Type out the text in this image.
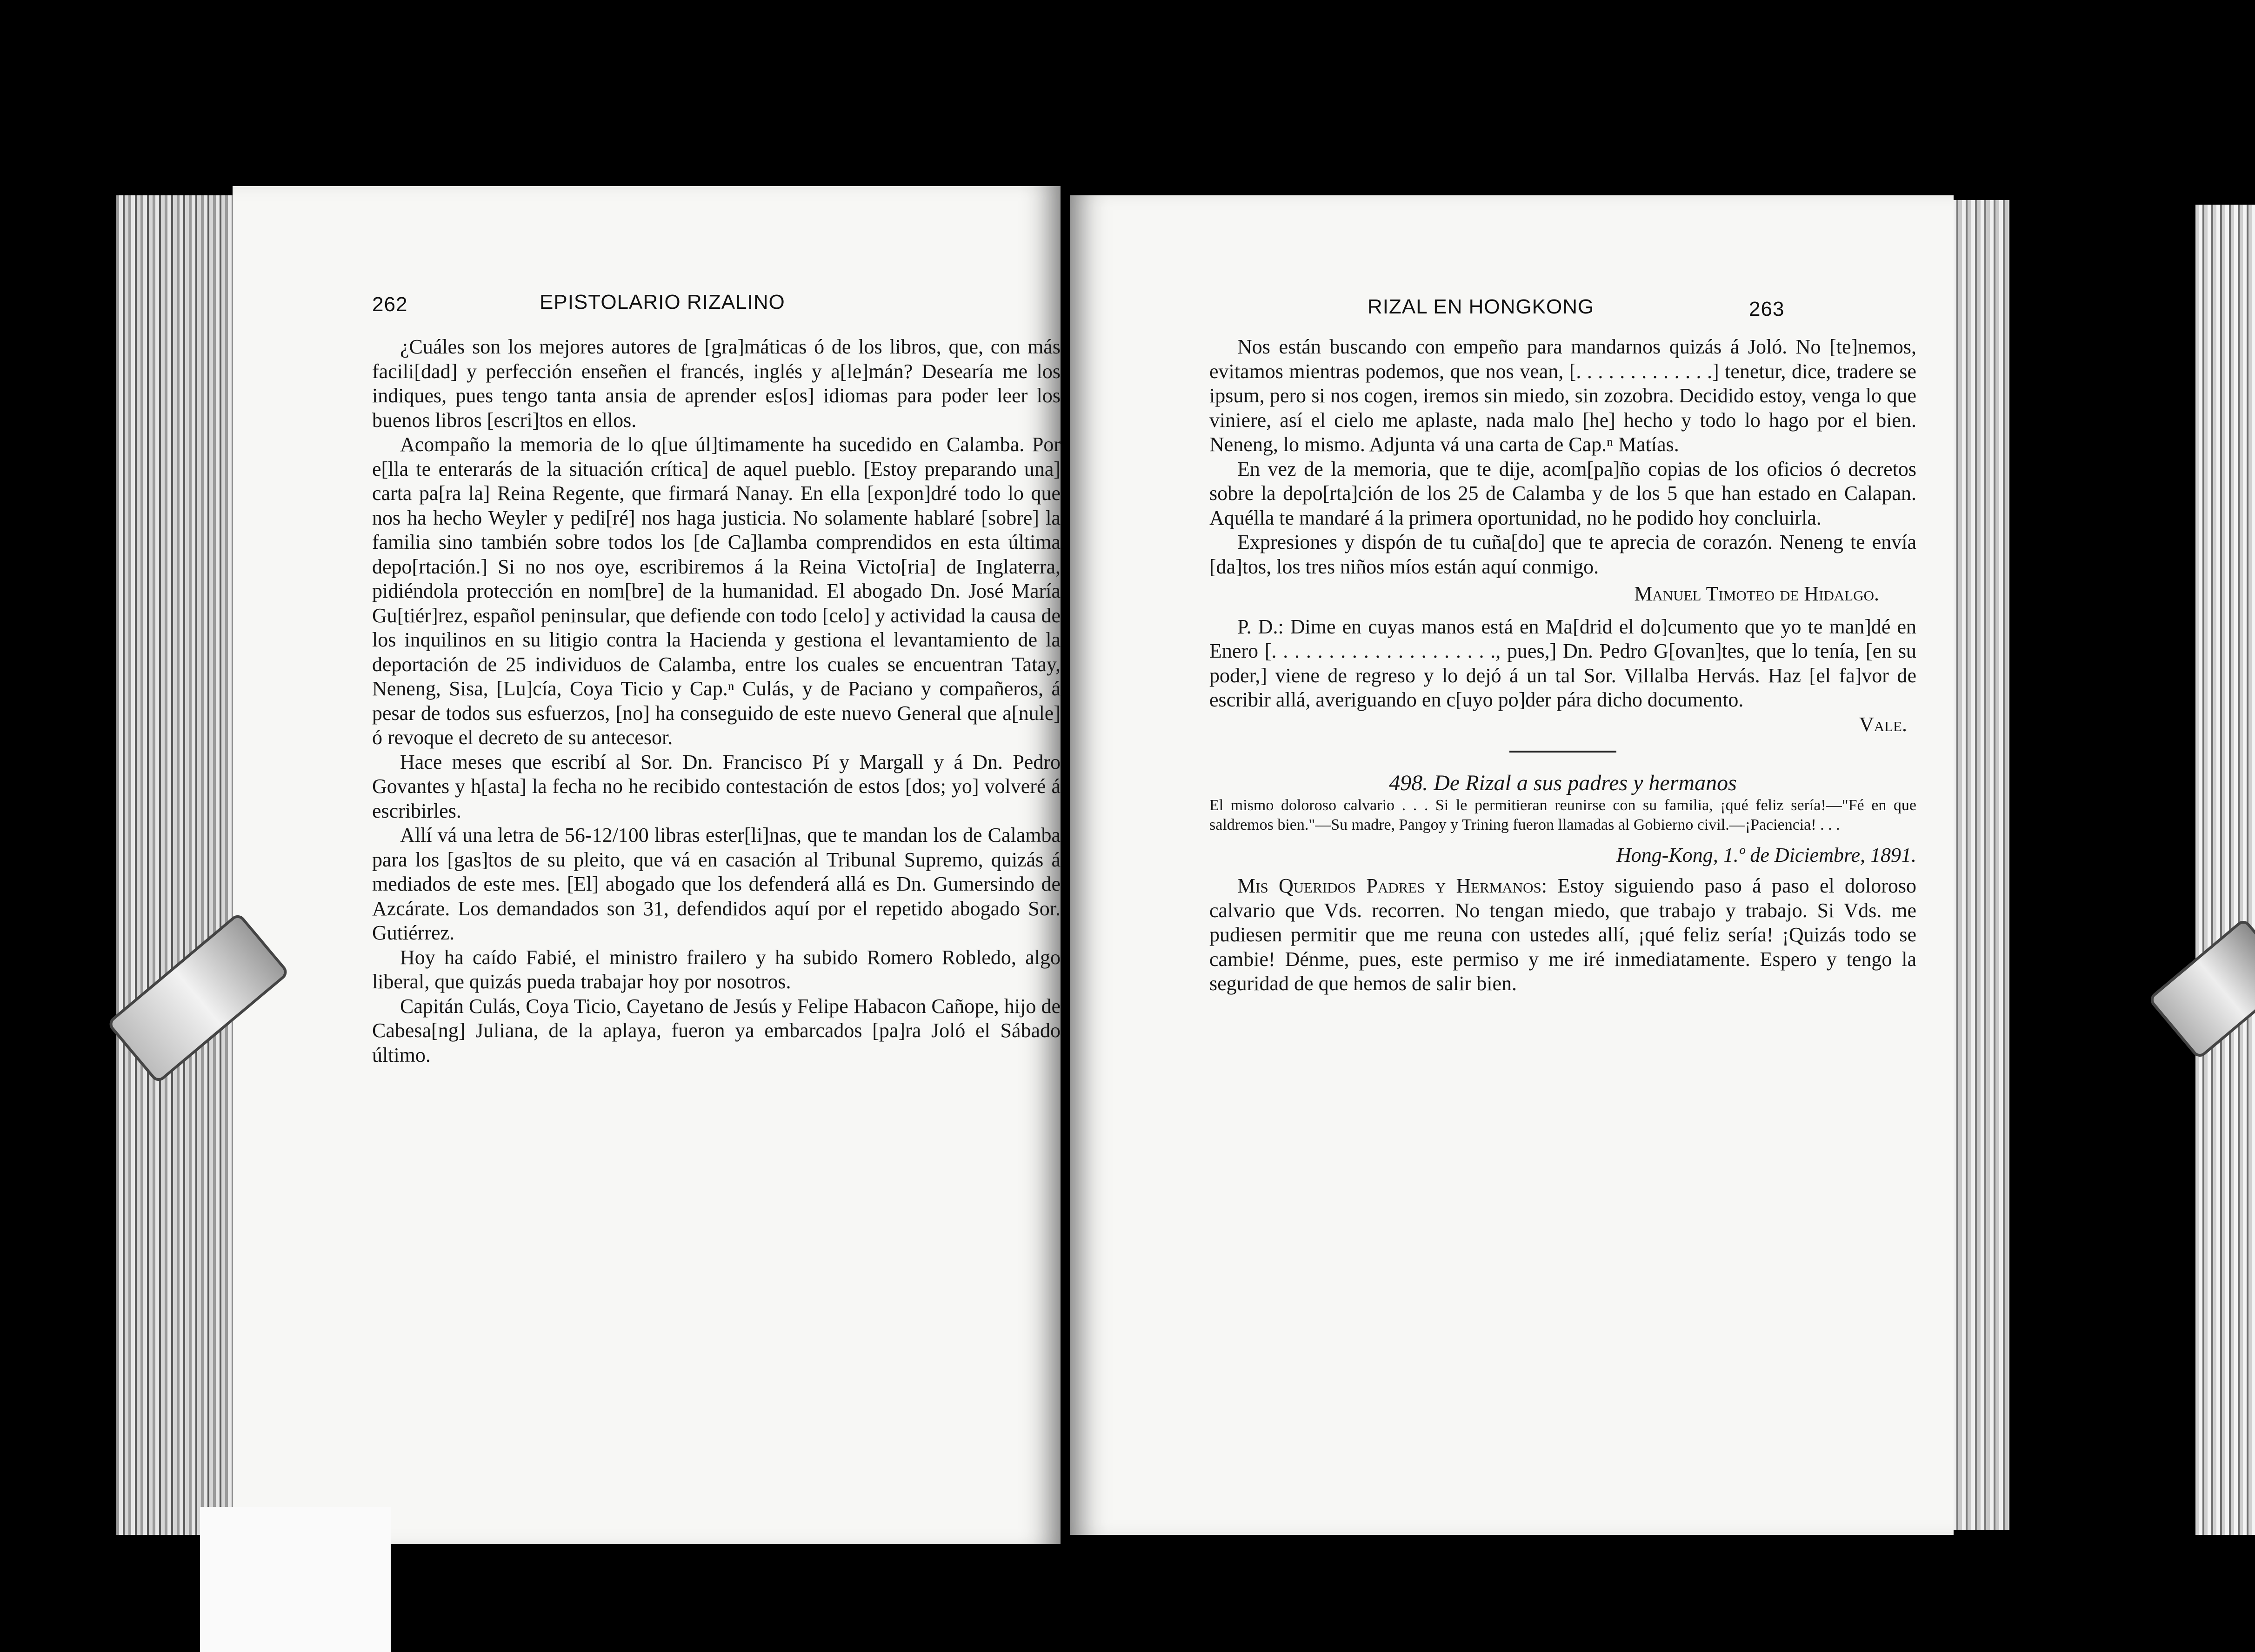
262	EPISTOLARIO RIZALINO

¿Cuáles son los mejores autores de [gra]máticas ó de los libros, que, con más facili[dad] y perfección enseñen el francés, inglés y a[le]mán? Desearía me los indiques, pues tengo tanta ansia de aprender es[os] idiomas para poder leer los buenos libros [escri]tos en ellos.

Acompaño la memoria de lo q[ue úl]timamente ha sucedido en Calamba. Por e[lla te enterarás de la situación crítica] de aquel pueblo. [Estoy preparando una] carta pa[ra la] Reina Regente, que firmará Nanay. En ella [expon]dré todo lo que nos ha hecho Weyler y pedi[ré] nos haga justicia. No solamente hablaré [sobre] la familia sino también sobre todos los [de Ca]lamba comprendidos en esta última depo[rtación.] Si no nos oye, escribiremos á la Reina Victo[ria] de Inglaterra, pidiéndola protección en nom[bre] de la humanidad. El abogado Dn. José María Gu[tiér]rez, español peninsular, que defiende con todo [celo] y actividad la causa de los inquilinos en su litigio contra la Hacienda y gestiona el levantamiento de la deportación de 25 individuos de Calamba, entre los cuales se encuentran Tatay, Neneng, Sisa, [Lu]cía, Coya Ticio y Cap.ⁿ Culás, y de Paciano y compañeros, á pesar de todos sus esfuerzos, [no] ha conseguido de este nuevo General que a[nule] ó revoque el decreto de su antecesor.

Hace meses que escribí al Sor. Dn. Francisco Pí y Margall y á Dn. Pedro Govantes y h[asta] la fecha no he recibido contestación de estos [dos; yo] volveré á escribirles.

Allí vá una letra de 56-12/100 libras ester[li]nas, que te mandan los de Calamba para los [gas]tos de su pleito, que vá en casación al Tribunal Supremo, quizás á mediados de este mes. [El] abogado que los defenderá allá es Dn. Gumersindo de Azcárate. Los demandados son 31, defendidos aquí por el repetido abogado Sor. Gutiérrez.

Hoy ha caído Fabié, el ministro frailero y ha subido Romero Robledo, algo liberal, que quizás pueda trabajar hoy por nosotros.

Capitán Culás, Coya Ticio, Cayetano de Jesús y Felipe Habacon Cañope, hijo de Cabesa[ng] Juliana, de la aplaya, fueron ya embarcados [pa]ra Joló el Sábado último.

RIZAL EN HONGKONG	263

Nos están buscando con empeño para mandarnos quizás á Joló. No [te]nemos, evitamos mientras podemos, que nos vean, [. . . . . . . . . . . . .] tenetur, dice, tradere se ipsum, pero si nos cogen, iremos sin miedo, sin zozobra. Decidido estoy, venga lo que viniere, así el cielo me aplaste, nada malo [he] hecho y todo lo hago por el bien. Neneng, lo mismo. Adjunta vá una carta de Cap.ⁿ Matías.

En vez de la memoria, que te dije, acom[pa]ño copias de los oficios ó decretos sobre la depo[rta]ción de los 25 de Calamba y de los 5 que han estado en Calapan. Aquélla te mandaré á la primera oportunidad, no he podido hoy concluirla.

Expresiones y dispón de tu cuña[do] que te aprecia de corazón. Neneng te envía [da]tos, los tres niños míos están aquí conmigo.

Manuel Timoteo de Hidalgo.

P. D.: Dime en cuyas manos está en Ma[drid el do]cumento que yo te man]dé en Enero [. . . . . . . . . . . . . . . . . . . ., pues,] Dn. Pedro G[ovan]tes, que lo tenía, [en su poder,] viene de regreso y lo dejó á un tal Sor. Villalba Hervás. Haz [el fa]vor de escribir allá, averiguando en c[uyo po]der pára dicho documento.

Vale.

498. De Rizal a sus padres y hermanos

El mismo doloroso calvario . . . Si le permitieran reunirse con su familia, ¡qué feliz sería!—"Fé en que saldremos bien."—Su madre, Pangoy y Trining fueron llamadas al Gobierno civil.—¡Paciencia! . . .

Hong-Kong, 1.º de Diciembre, 1891.

Mis Queridos Padres y Hermanos: Estoy siguiendo paso á paso el doloroso calvario que Vds. recorren. No tengan miedo, que trabajo y trabajo. Si Vds. me pudiesen permitir que me reuna con ustedes allí, ¡qué feliz sería! ¡Quizás todo se cambie! Dénme, pues, este permiso y me iré inmediatamente. Espero y tengo la seguridad de que hemos de salir bien.
